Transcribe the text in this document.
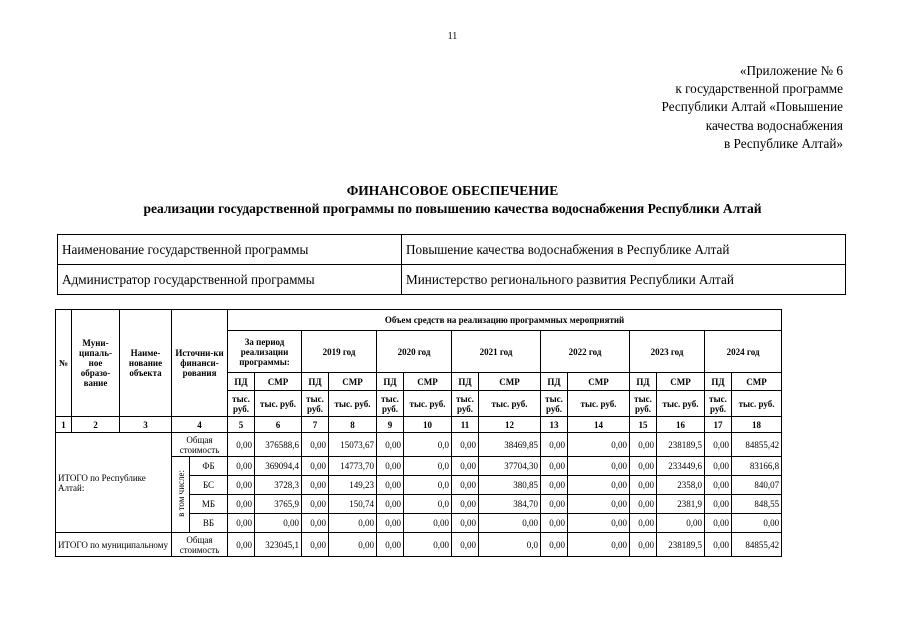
11
«Приложение № 6
к государственной программе
Республики Алтай «Повышение
качества водоснабжения
в Республике Алтай»
ФИНАНСОВОЕ ОБЕСПЕЧЕНИЕ
реализации государственной программы по повышению качества водоснабжения Республики Алтай
Наименование государственной программы	Повышение качества водоснабжения в Республике Алтай
Администратор государственной программы	Министерство регионального развития Республики Алтай
№	Муни-ципаль-ное образо-вание	Наиме-нование объекта	Источни-ки финанси-рования		Объем средств на реализацию программных мероприятий													
					За период реализации программы:		2019 год		2020 год		2021 год		2022 год		2023 год		2024 год	
					ПД	СМР	ПД	СМР	ПД	СМР	ПД	СМР	ПД	СМР	ПД	СМР	ПД	СМР
					тыс. руб.	тыс. руб.	тыс. руб.	тыс. руб.	тыс. руб.	тыс. руб.	тыс. руб.	тыс. руб.	тыс. руб.	тыс. руб.	тыс. руб.	тыс. руб.	тыс. руб.	тыс. руб.
1	2	3	4		5	6	7	8	9	10	11	12	13	14	15	16	17	18
ИТОГО по Республике Алтай:			Общая стоимость		0,00	376588,6	0,00	15073,67	0,00	0,0	0,00	38469,85	0,00	0,00	0,00	238189,5	0,00	84855,42
			в том числе:	ФБ	0,00	369094,4	0,00	14773,70	0,00	0,0	0,00	37704,30	0,00	0,00	0,00	233449,6	0,00	83166,8
				БС	0,00	3728,3	0,00	149,23	0,00	0,0	0,00	380,85	0,00	0,00	0,00	2358,0	0,00	840,07
				МБ	0,00	3765,9	0,00	150,74	0,00	0,0	0,00	384,70	0,00	0,00	0,00	2381,9	0,00	848,55
				ВБ	0,00	0,00	0,00	0,00	0,00	0,00	0,00	0,00	0,00	0,00	0,00	0,00	0,00	0,00
ИТОГО по муниципальному			Общая стоимость		0,00	323045,1	0,00	0,00	0,00	0,00	0,00	0,0	0,00	0,00	0,00	238189,5	0,00	84855,42
